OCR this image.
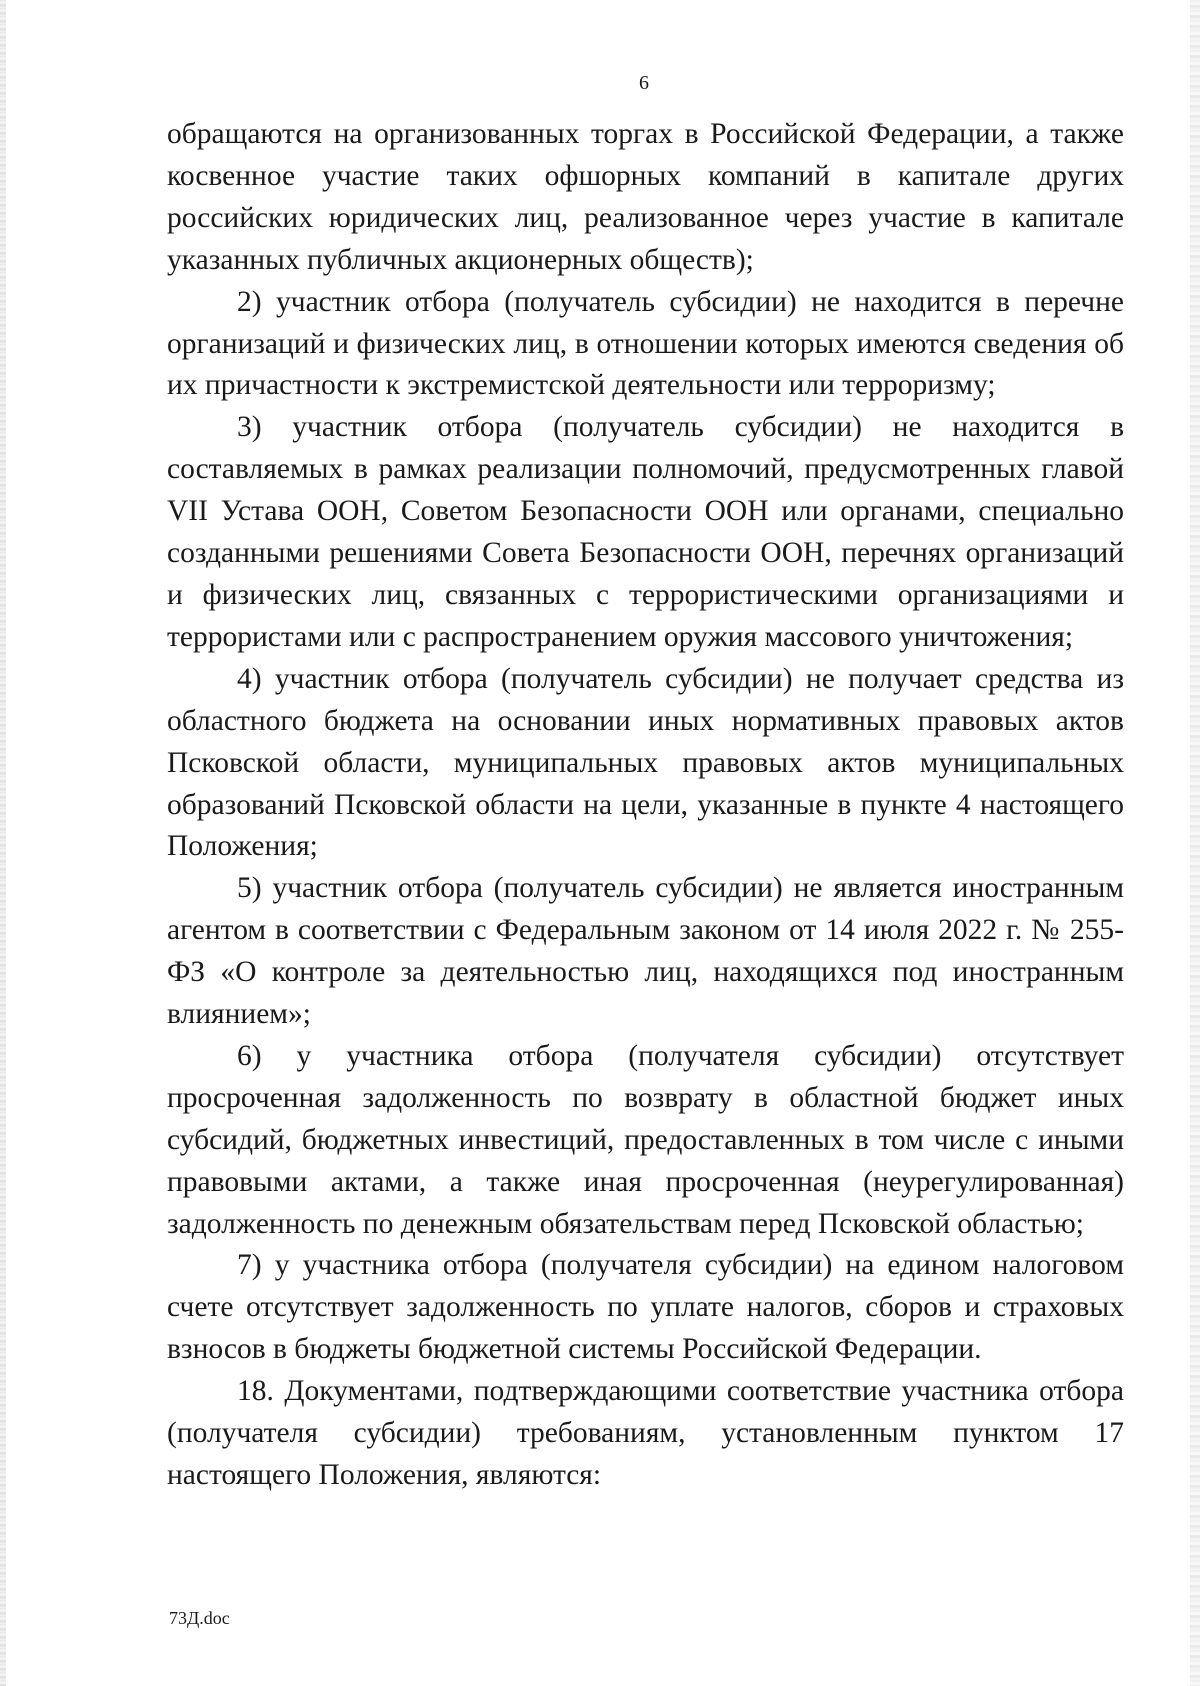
6

обращаются на организованных торгах в Российской Федерации, а также косвенное участие таких офшорных компаний в капитале других российских юридических лиц, реализованное через участие в капитале указанных публичных акционерных обществ);

2) участник отбора (получатель субсидии) не находится в перечне организаций и физических лиц, в отношении которых имеются сведения об их причастности к экстремистской деятельности или терроризму;

3) участник отбора (получатель субсидии) не находится в составляемых в рамках реализации полномочий, предусмотренных главой VII Устава ООН, Советом Безопасности ООН или органами, специально созданными решениями Совета Безопасности ООН, перечнях организаций и физических лиц, связанных с террористическими организациями и террористами или с распространением оружия массового уничтожения;

4) участник отбора (получатель субсидии) не получает средства из областного бюджета на основании иных нормативных правовых актов Псковской области, муниципальных правовых актов муниципальных образований Псковской области на цели, указанные в пункте 4 настоящего Положения;

5) участник отбора (получатель субсидии) не является иностранным агентом в соответствии с Федеральным законом от 14 июля 2022 г. № 255-ФЗ «О контроле за деятельностью лиц, находящихся под иностранным влиянием»;

6) у участника отбора (получателя субсидии) отсутствует просроченная задолженность по возврату в областной бюджет иных субсидий, бюджетных инвестиций, предоставленных в том числе с иными правовыми актами, а также иная просроченная (неурегулированная) задолженность по денежным обязательствам перед Псковской областью;

7) у участника отбора (получателя субсидии) на едином налоговом счете отсутствует задолженность по уплате налогов, сборов и страховых взносов в бюджеты бюджетной системы Российской Федерации.

18. Документами, подтверждающими соответствие участника отбора (получателя субсидии) требованиям, установленным пунктом 17 настоящего Положения, являются:

73Д.doc
